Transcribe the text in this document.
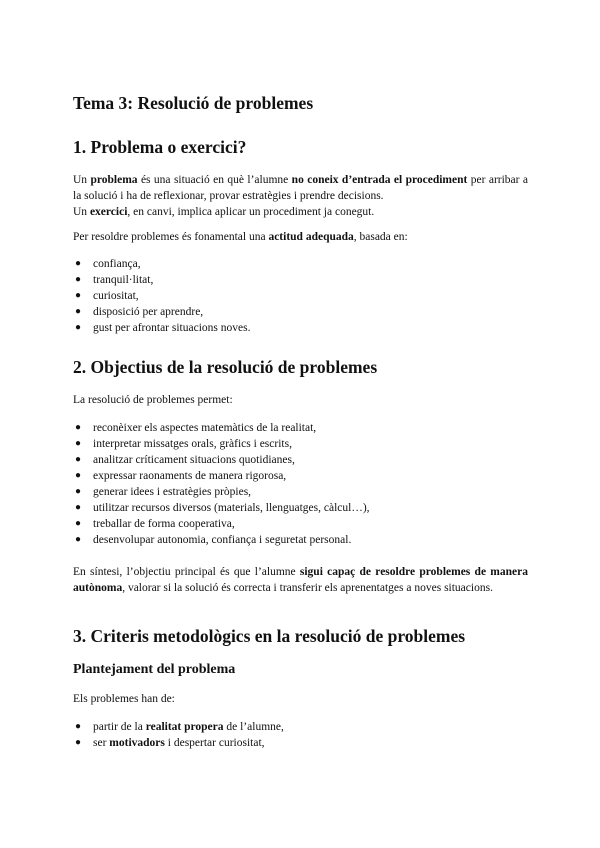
Tema 3: Resolució de problemes
1. Problema o exercici?

Un problema és una situació en què l’alumne no coneix d’entrada el procediment per arribar a la solució i ha de reflexionar, provar estratègies i prendre decisions.

Un exercici, en canvi, implica aplicar un procediment ja conegut.

Per resoldre problemes és fonamental una actitud adequada, basada en:

● confiança,
● tranquil·litat,
● curiositat,
● disposició per aprendre,
● gust per afrontar situacions noves.
2. Objectius de la resolució de problemes

La resolució de problemes permet:

● reconèixer els aspectes matemàtics de la realitat,
● interpretar missatges orals, gràfics i escrits,
● analitzar críticament situacions quotidianes,
● expressar raonaments de manera rigorosa,
● generar idees i estratègies pròpies,
● utilitzar recursos diversos (materials, llenguatges, càlcul…),
● treballar de forma cooperativa,
● desenvolupar autonomia, confiança i seguretat personal.

En síntesi, l’objectiu principal és que l’alumne sigui capaç de resoldre problemes de manera autònoma, valorar si la solució és correcta i transferir els aprenentatges a noves situacions.

3. Criteris metodològics en la resolució de problemes
Plantejament del problema

Els problemes han de:

● partir de la realitat propera de l’alumne,
● ser motivadors i despertar curiositat,
